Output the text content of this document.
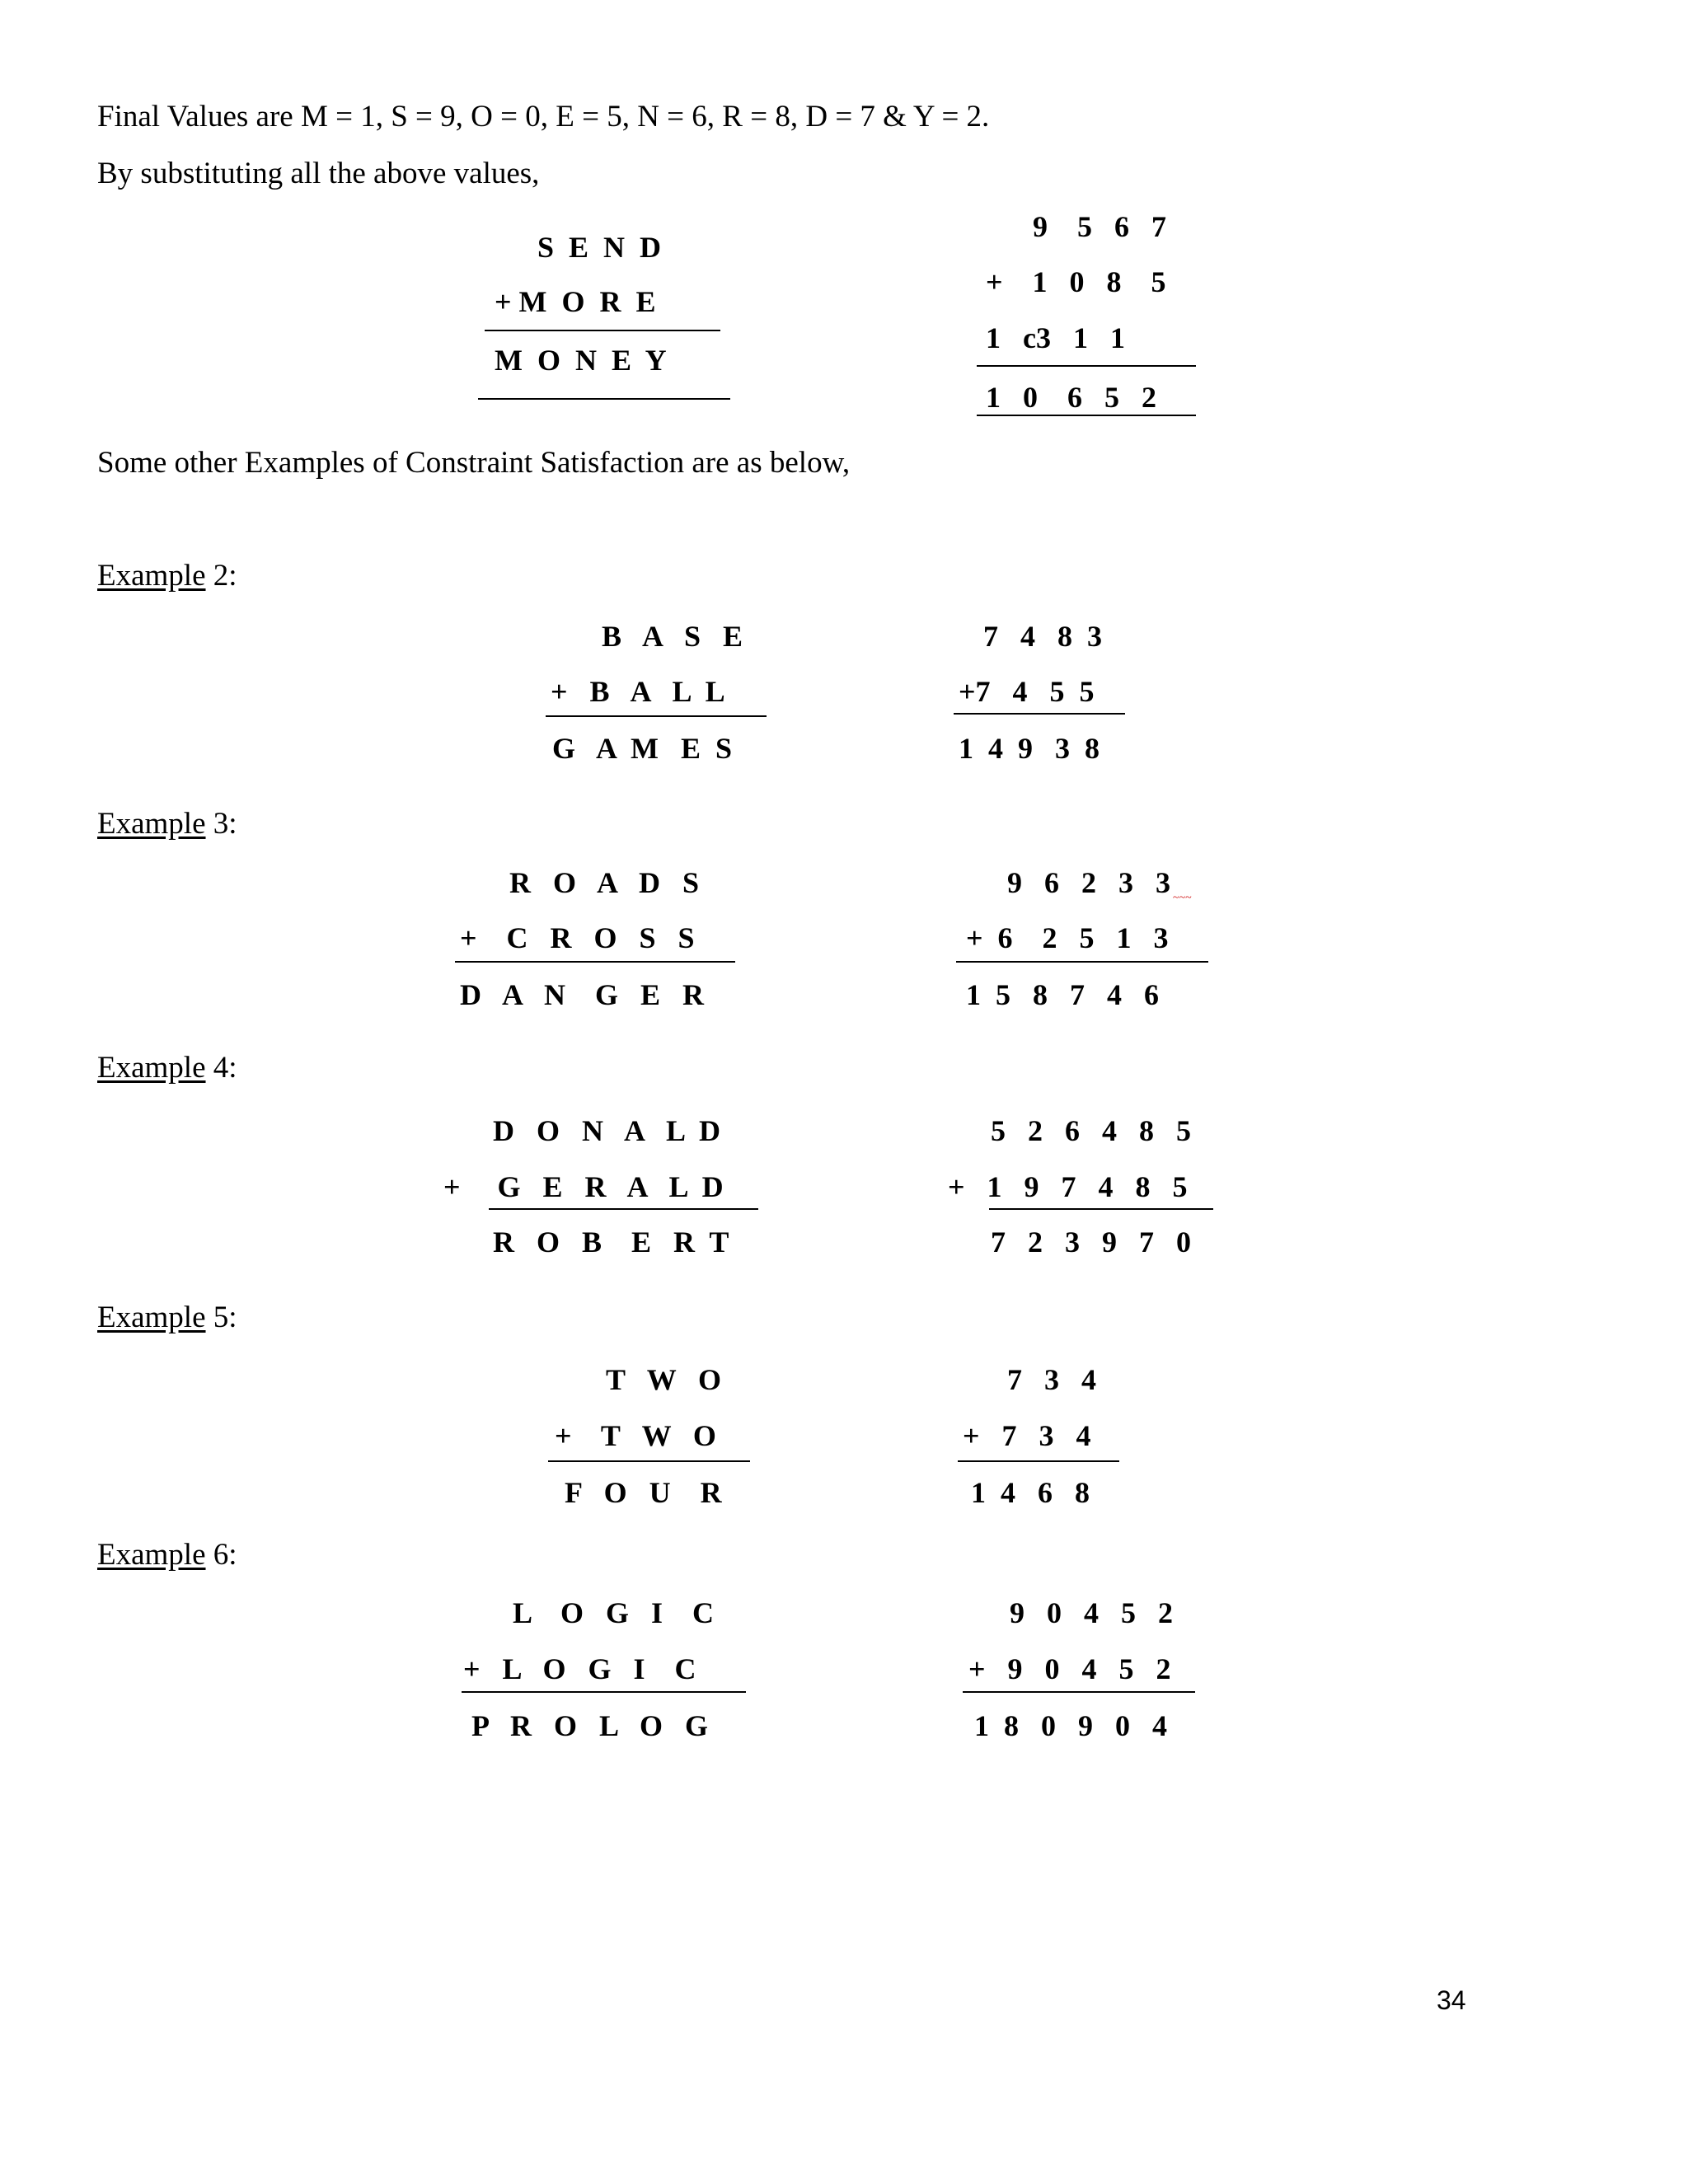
Final Values are M = 1, S = 9, O = 0, E = 5, N = 6, R = 8, D = 7 & Y = 2.
By substituting all the above values,
S  E  N  D
+ M  O  R  E
M  O  N  E  Y
9    5   6   7
+    1   0   8    5
1   c3   1   1
1   0    6   5   2
Some other Examples of Constraint Satisfaction are as below,
Example 2:
B   A   S   E
+   B   A   L  L
G   A  M   E  S
7   4   8  3
+7   4   5  5
1  4  9   3  8
Example 3:
R   O   A   D   S
+    C   R   O   S   S
D   A   N    G   E   R
9   6   2   3   3 ~~~
+  6    2   5   1   3
1  5   8   7   4   6
Example 4:
D   O   N   A   L  D
+     G   E   R   A   L  D
R   O   B    E   R  T
5   2   6   4   8   5
+   1   9   7   4   8   5
7   2   3   9   7   0
Example 5:
T   W   O
+    T   W   O
F   O   U    R
7   3   4
+   7   3   4
1  4   6   8
Example 6:
L    O   G   I    C
+   L   O   G   I    C
P   R   O   L   O   G
9   0   4   5   2
+   9   0   4   5   2
1  8   0   9   0   4
34
